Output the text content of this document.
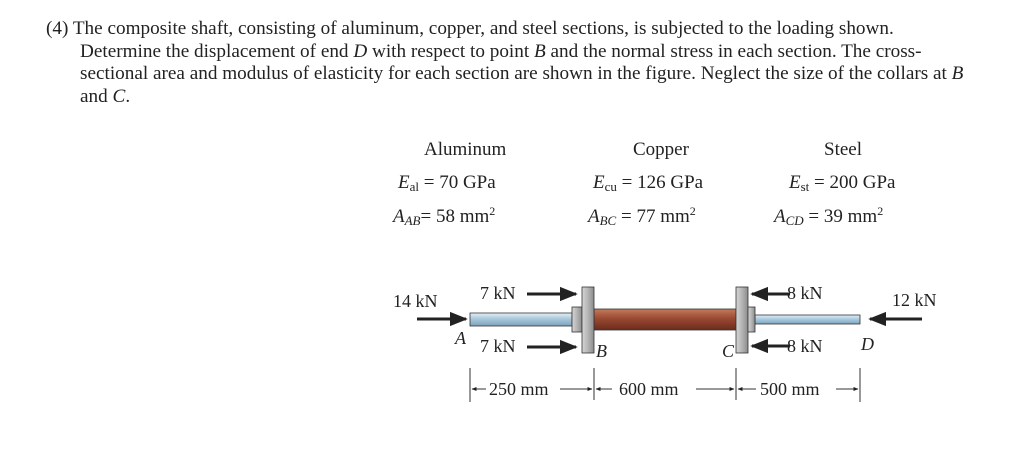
(4) The composite shaft, consisting of aluminum, copper, and steel sections, is subjected to the loading shown. Determine the displacement of end D with respect to point B and the normal stress in each section. The cross-sectional area and modulus of elasticity for each section are shown in the figure. Neglect the size of the collars at B and C.

Aluminum
$E_{al} = 70$ GPa
$A_{AB}= 58$ $mm^2$
Copper
$E_{cu} = 126$ GPa
$A_{BC} = 77$ $mm^2$
Steel
$E_{st} = 200$ GPa
$A_{CD} = 39$ $mm^2$
14 kN 7 kN
7 kN
8 kN
8 kN
12 kN
A
B	C	D
250 mm	600 mm	500 mm
